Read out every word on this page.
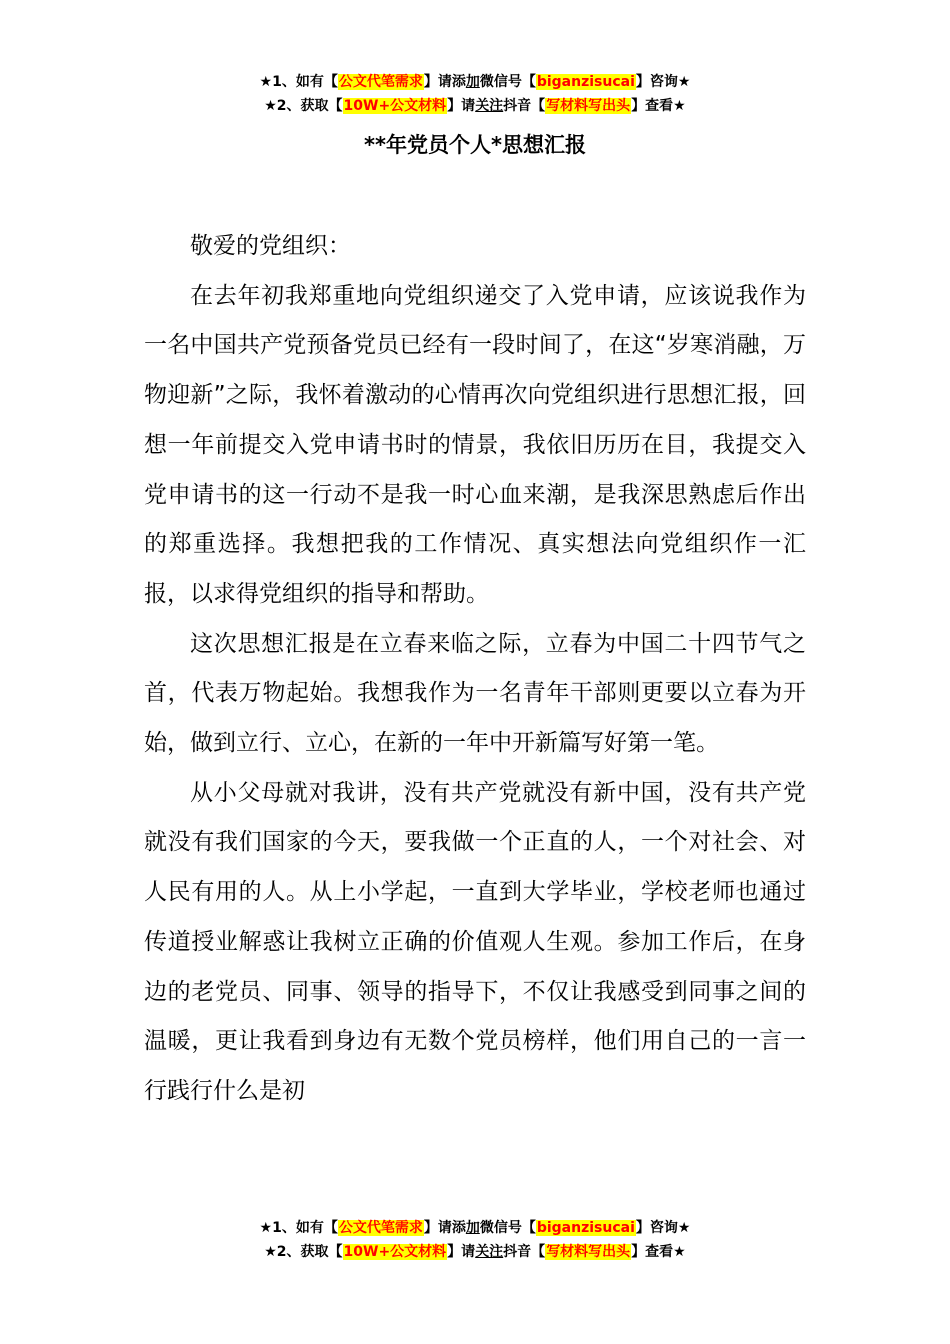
★1、如有【公文代笔需求】请添加微信号【biganzisucai】咨询★
★2、获取【10W+公文材料】请关注抖音【写材料写出头】查看★
**年党员个人*思想汇报

敬爱的党组织：

在去年初我郑重地向党组织递交了入党申请，应该说我作为一名中国共产党预备党员已经有一段时间了，在这“岁寒消融，万物迎新”之际，我怀着激动的心情再次向党组织进行思想汇报，回想一年前提交入党申请书时的情景，我依旧历历在目，我提交入党申请书的这一行动不是我一时心血来潮，是我深思熟虑后作出的郑重选择。我想把我的工作情况、真实想法向党组织作一汇报，以求得党组织的指导和帮助。

这次思想汇报是在立春来临之际，立春为中国二十四节气之首，代表万物起始。我想我作为一名青年干部则更要以立春为开始，做到立行、立心，在新的一年中开新篇写好第一笔。

从小父母就对我讲，没有共产党就没有新中国，没有共产党就没有我们国家的今天，要我做一个正直的人，一个对社会、对人民有用的人。从上小学起，一直到大学毕业，学校老师也通过传道授业解惑让我树立正确的价值观人生观。参加工作后，在身边的老党员、同事、领导的指导下，不仅让我感受到同事之间的温暖，更让我看到身边有无数个党员榜样，他们用自己的一言一行践行什么是初

★1、如有【公文代笔需求】请添加微信号【biganzisucai】咨询★
★2、获取【10W+公文材料】请关注抖音【写材料写出头】查看★
